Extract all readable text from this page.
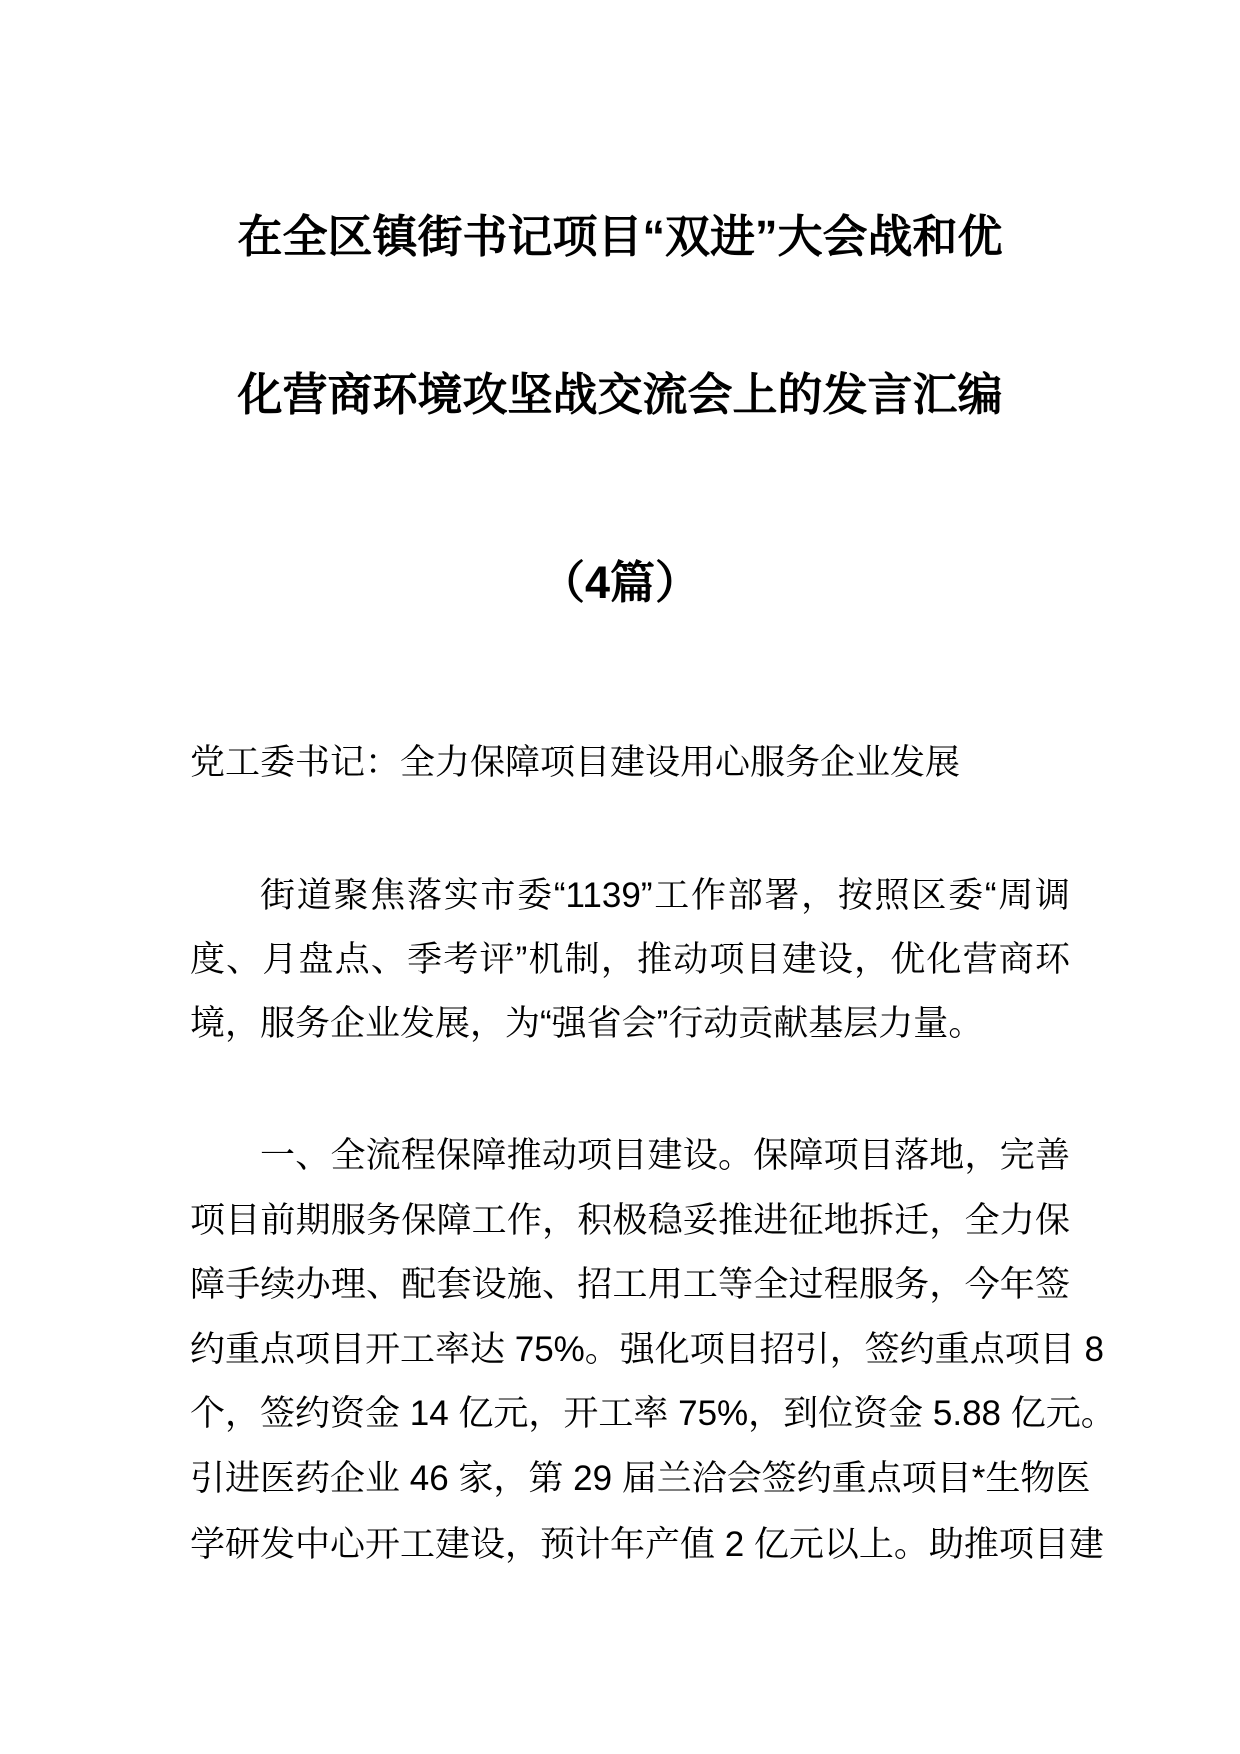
在全区镇街书记项目“双进”大会战和优
化营商环境攻坚战交流会上的发言汇编
（4篇）
党工委书记：全力保障项目建设用心服务企业发展
街道聚焦落实市委“1139”工作部署，按照区委“周调
度、月盘点、季考评”机制，推动项目建设，优化营商环
境，服务企业发展，为“强省会”行动贡献基层力量。
一、全流程保障推动项目建设。保障项目落地，完善
项目前期服务保障工作，积极稳妥推进征地拆迁，全力保
障手续办理、配套设施、招工用工等全过程服务，今年签
约重点项目开工率达 75%。强化项目招引，签约重点项目 8
个，签约资金 14 亿元，开工率 75%，到位资金 5.88 亿元。
引进医药企业 46 家，第 29 届兰洽会签约重点项目*生物医
学研发中心开工建设，预计年产值 2 亿元以上。助推项目建
